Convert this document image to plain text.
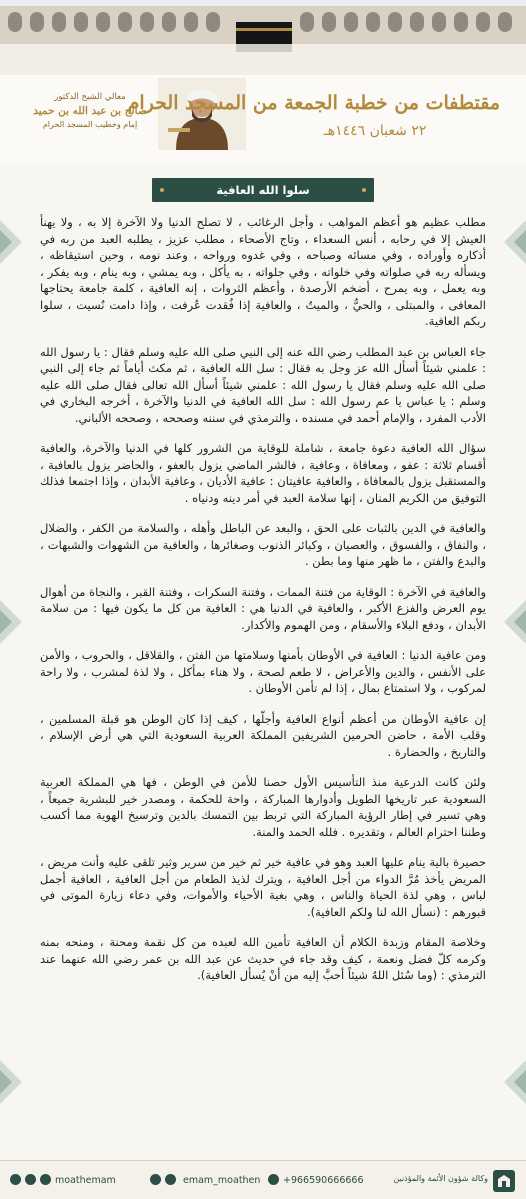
معالي الشيخ الدكتور
صالح بن عبد الله بن حميد
إمام وخطيب المسجد الحرام
مقتطفات من خطبة الجمعة من المسجد الحرام
٢٢ شعبان ١٤٤٦هـ
سلوا الله العافية

مطلب عظيم هو أعظم المواهب ، وأجل الرغائب ، لا تصلح الدنيا ولا الآخرة إلا به ، ولا يهنأ العيش إلا في رحابه ، أنس السعداء ، وتاج الأصحاء ، مطلب عزيز ، يطلبه العبد من ربه في أذكاره وأوراده ، وفي مسائه وصباحه ، وفي غدوه ورواحه ، وعند نومه ، وحين استيقاظه ، ويسأله ربه في صلواته وفي خلواته ، وفي جلواته ، به يأكل ، وبه يمشي ، وبه ينام ، وبه يفكر ، وبه يعمل ، وبه يمرح ، أضخم الأرصدة ، وأعظم الثروات ، إنه العافية ، كلمة جامعة يحتاجها المعافى ، والمبتلى ، والحيُّ ، والميتُ ، والعافية إذا فُقدت عُرفت ، وإذا دامت نُسيت ، سلوا ربكم العافية.

جاء العباس بن عبد المطلب رضي الله عنه إلى النبي صلى الله عليه وسلم فقال : يا رسول الله : علمني شيئاً أسأل الله عز وجل به فقال : سل الله العافية ، ثم مكث أياماً ثم جاء إلى النبي صلى الله عليه وسلم فقال يا رسول الله : علمني شيئاً أسأل الله تعالى فقال صلى الله عليه وسلم : يا عباس يا عم رسول الله : سل الله العافية في الدنيا والآخرة ، أخرجه البخاري في الأدب المفرد ، والإمام أحمد في مسنده ، والترمذي في سننه وصححه ، وصححه الألباني.

سؤال الله العافية دعوة جامعة ، شاملة للوقاية من الشرور كلها في الدنيا والآخرة، والعافية أقسام ثلاثة : عفو ، ومعافاة ، وعافية ، فالشر الماضي يزول بالعفو ، والحاضر يزول بالعافية ، والمستقبل يزول بالمعافاة ، والعافية عافيتان : عافية الأديان ، وعافية الأبدان ، وإذا اجتمعا فذلك التوفيق من الكريم المنان ، إنها سلامة العبد في أمر دينه ودنياه .

والعافية في الدين بالثبات على الحق ، والبعد عن الباطل وأهله ، والسلامة من الكفر ، والضلال ، والنفاق ، والفسوق ، والعصيان ، وكبائر الذنوب وصغائرها ، والعافية من الشهوات والشبهات ، والبدع والفتن ، ما ظهر منها وما بطن .

والعافية في الآخرة : الوقاية من فتنة الممات ، وفتنة السكرات ، وفتنة القبر ، والنجاة من أهوال يوم العرض والفزع الأكبر ، والعافية في الدنيا هي : العافية من كل ما يكون فيها : من سلامة الأبدان ، ودفع البلاء والأسقام ، ومن الهموم والأكدار.

ومن عافية الدنيا : العافية في الأوطان بأمنها وسلامتها من الفتن ، والقلاقل ، والحروب ، والأمن على الأنفس ، والدين والأعراض ، لا طعم لصحة ، ولا هناء بمأكل ، ولا لذة لمشرب ، ولا راحة لمركوب ، ولا استمتاع بمال ، إذا لم تأمن الأوطان .

إن عافية الأوطان من أعظم أنواع العافية وأجلّها ، كيف إذا كان الوطن هو قبلة المسلمين ، وقلب الأمة ، حاضن الحرمين الشريفين المملكة العربية السعودية التي هي أرض الإسلام ، والتاريخ ، والحضارة .

ولئن كانت الدرعية منذ التأسيس الأول حصنا للأمن في الوطن ، فها هي المملكة العربية السعودية عبر تاريخها الطويل وأدوارها المباركة ، واحة للحكمة ، ومصدر خير للبشرية جميعاً ، وهي تسير في إطار الرؤية المباركة التي تربط بين التمسك بالدين وترسيخ الهوية مما أكسب وطننا احترام العالم ، وتقديره . فلله الحمد والمنة.

حصيرة بالية ينام عليها العبد وهو في عافية خير ثم خير من سرير وثير تلقى عليه وأنت مريض ، المريض يأخذ مُرَّ الدواء من أجل العافية ، ويترك لذيذ الطعام من أجل العافية ، العافية أجمل لباس ، وهي لذة الحياة والناس ، وهي بغية الأحياء والأموات، وفي دعاء زيارة الموتى في قبورهم : (نسأل الله لنا ولكم العافية).

وخلاصة المقام وزبدة الكلام أن العافية تأمين الله لعبده من كل نقمة ومحنة ، ومنحه بمنه وكرمه كلّ فضل ونعمة ، كيف وقد جاء في حديث عن عبد الله بن عمر رضي الله عنهما عند الترمذي : (وما سُئل اللهُ شيئاً أحبَّ إليه من أنْ يُسأل العافية).

moathemam	emam_moathen +966590666666	وكالة شؤون الأئمة والمؤذنين
